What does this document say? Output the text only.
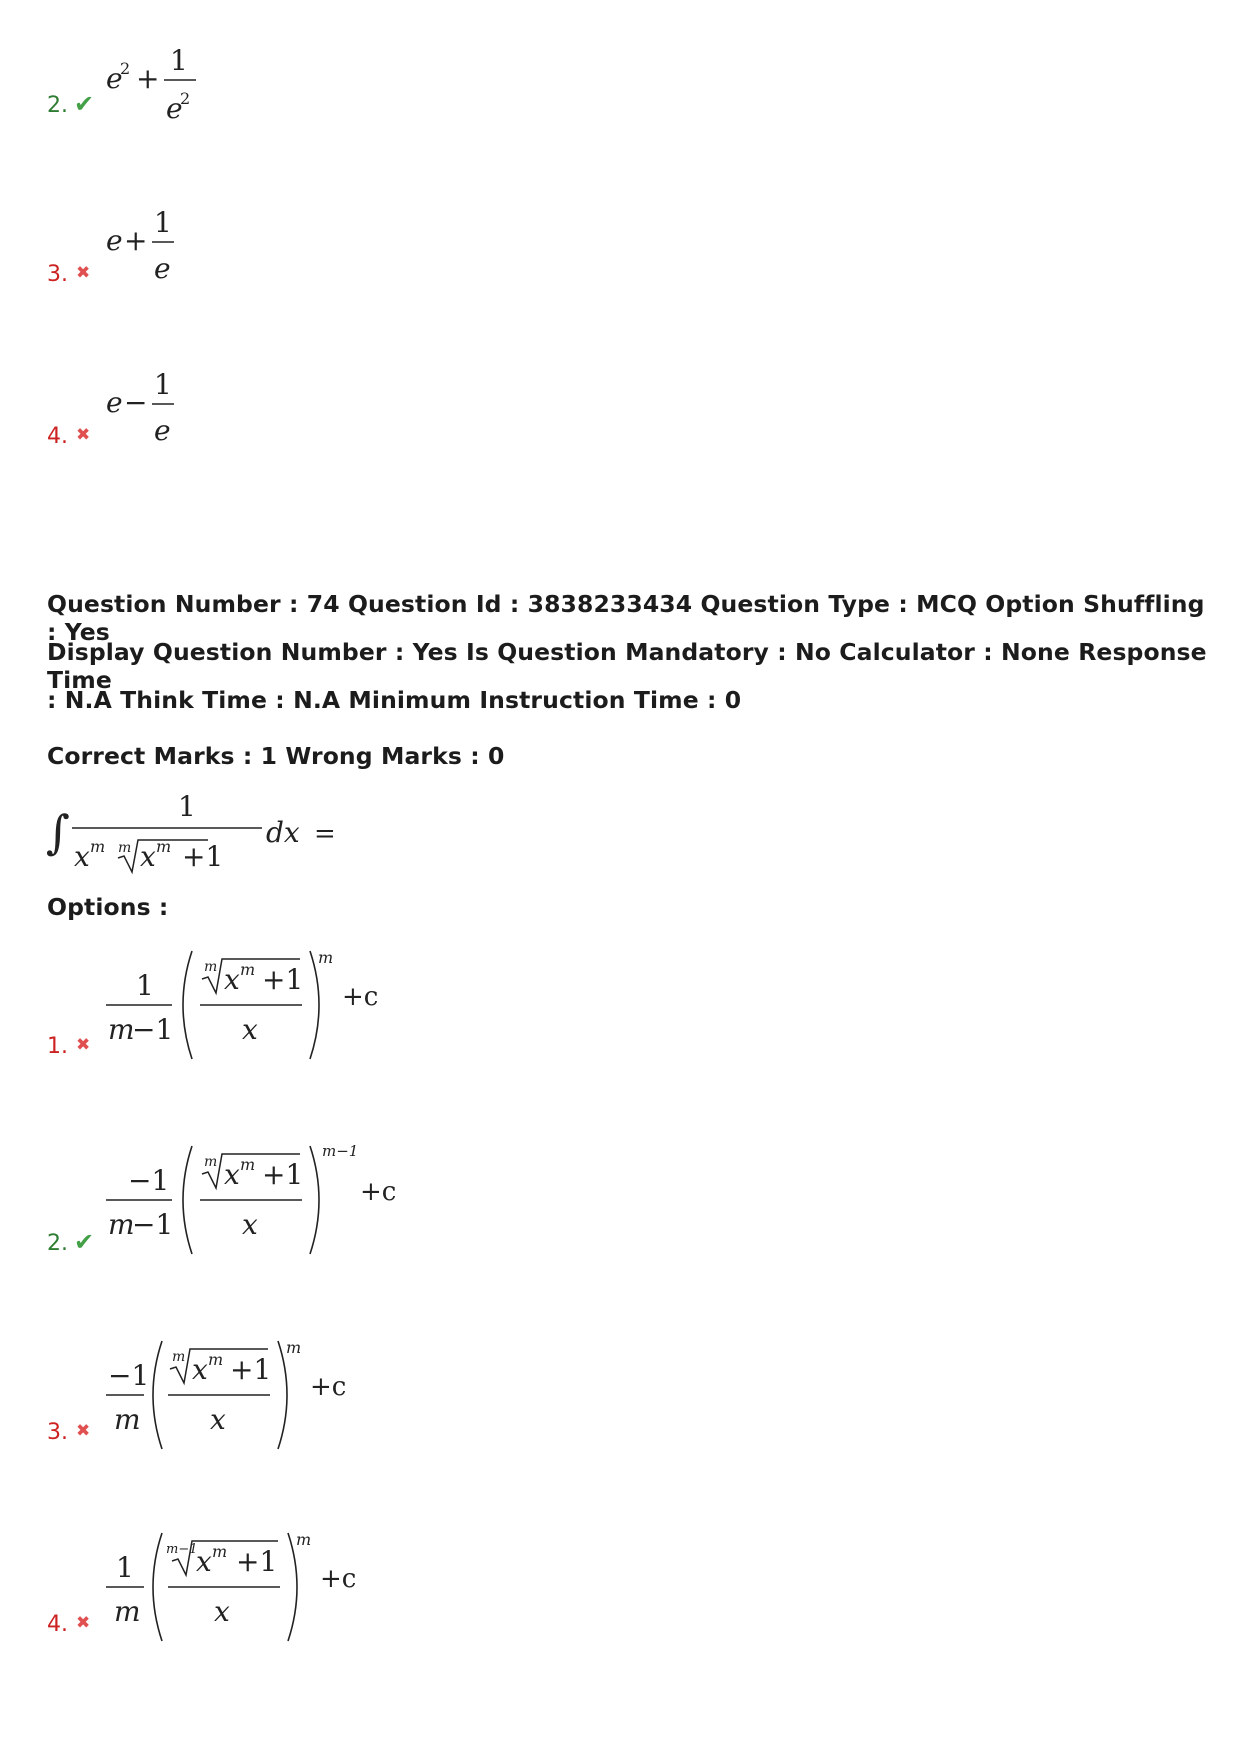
2. ✔
e
2 +
1
e
2
3. ✖
e +
1
e
4. ✖
e −
1
e
Question Number : 74 Question Id : 3838233434 Question Type : MCQ Option Shuffling : Yes
Display Question Number : Yes Is Question Mandatory : No Calculator : None Response Time
: N.A Think Time : N.A Minimum Instruction Time : 0
Correct Marks : 1 Wrong Marks : 0
∫	1
x m m x m +1
dx =
Options :
1. ✖
1
m
−1
m x m +1
x
m
+c
2. ✔
−1
m
−1
m x m +1
x
m−1
+c
3. ✖
−1
m
m x m +1
x
m
+c
4. ✖
1
m
m−1
x m +1
x
m
+c
